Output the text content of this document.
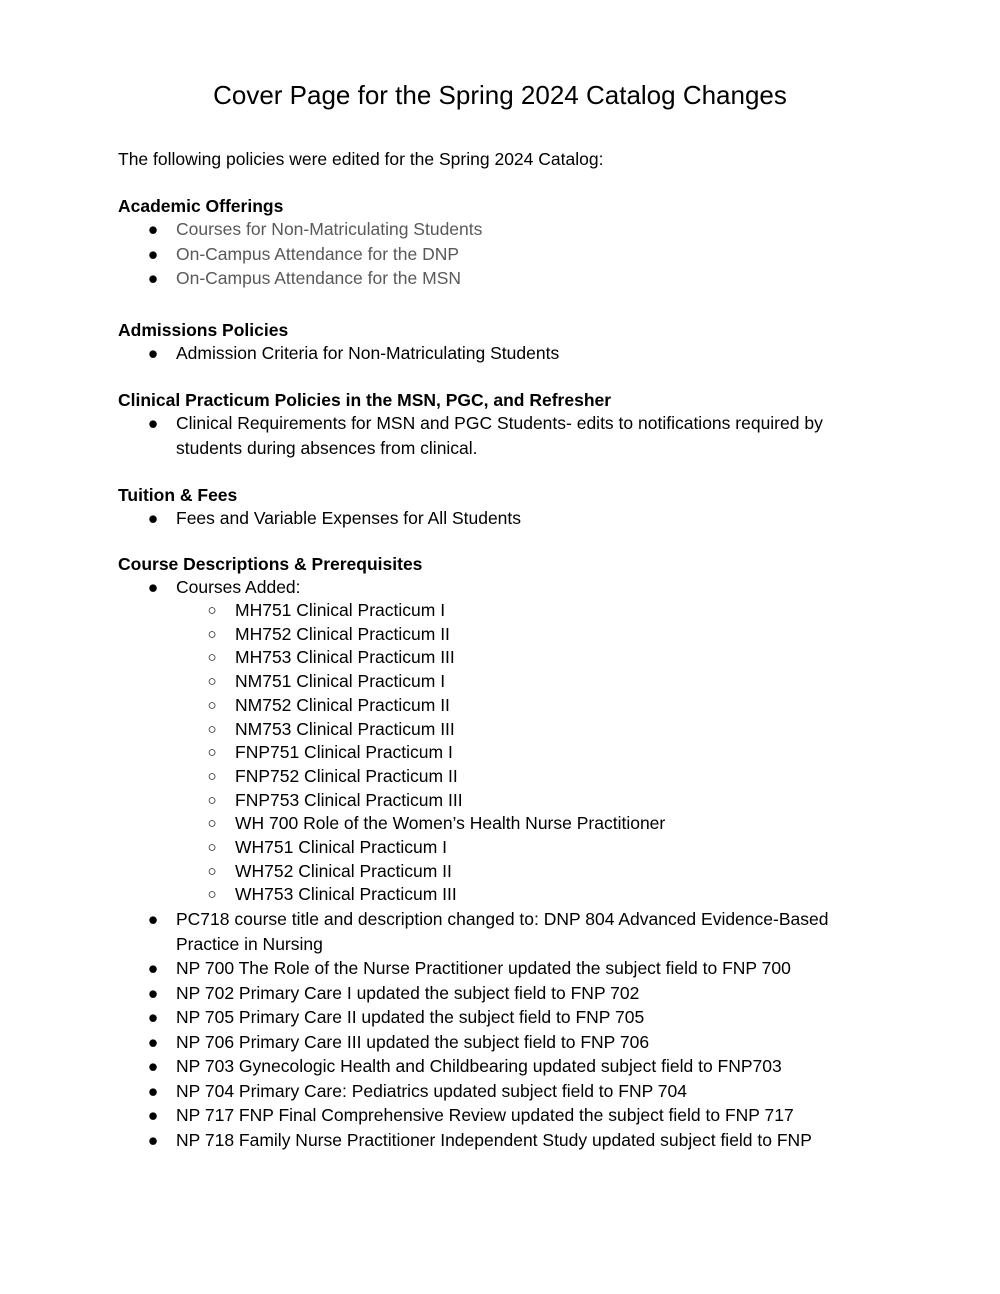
Cover Page for the Spring 2024 Catalog Changes

The following policies were edited for the Spring 2024 Catalog:

Academic Offerings

● Courses for Non-Matriculating Students
● On-Campus Attendance for the DNP
● On-Campus Attendance for the MSN

Admissions Policies

● Admission Criteria for Non-Matriculating Students

Clinical Practicum Policies in the MSN, PGC, and Refresher

● Clinical Requirements for MSN and PGC Students- edits to notifications required by students during absences from clinical.

Tuition & Fees

● Fees and Variable Expenses for All Students

Course Descriptions & Prerequisites

● Courses Added:
○ MH751 Clinical Practicum I
○ MH752 Clinical Practicum II
○ MH753 Clinical Practicum III
○ NM751 Clinical Practicum I
○ NM752 Clinical Practicum II
○ NM753 Clinical Practicum III
○ FNP751 Clinical Practicum I
○ FNP752 Clinical Practicum II
○ FNP753 Clinical Practicum III
○ WH 700 Role of the Women’s Health Nurse Practitioner
○ WH751 Clinical Practicum I
○ WH752 Clinical Practicum II
○ WH753 Clinical Practicum III
● PC718 course title and description changed to: DNP 804 Advanced Evidence-Based Practice in Nursing
● NP 700 The Role of the Nurse Practitioner updated the subject field to FNP 700
● NP 702 Primary Care I updated the subject field to FNP 702
● NP 705 Primary Care II updated the subject field to FNP 705
● NP 706 Primary Care III updated the subject field to FNP 706
● NP 703 Gynecologic Health and Childbearing updated subject field to FNP703
● NP 704 Primary Care: Pediatrics updated subject field to FNP 704
● NP 717 FNP Final Comprehensive Review updated the subject field to FNP 717
● NP 718 Family Nurse Practitioner Independent Study updated subject field to FNP
